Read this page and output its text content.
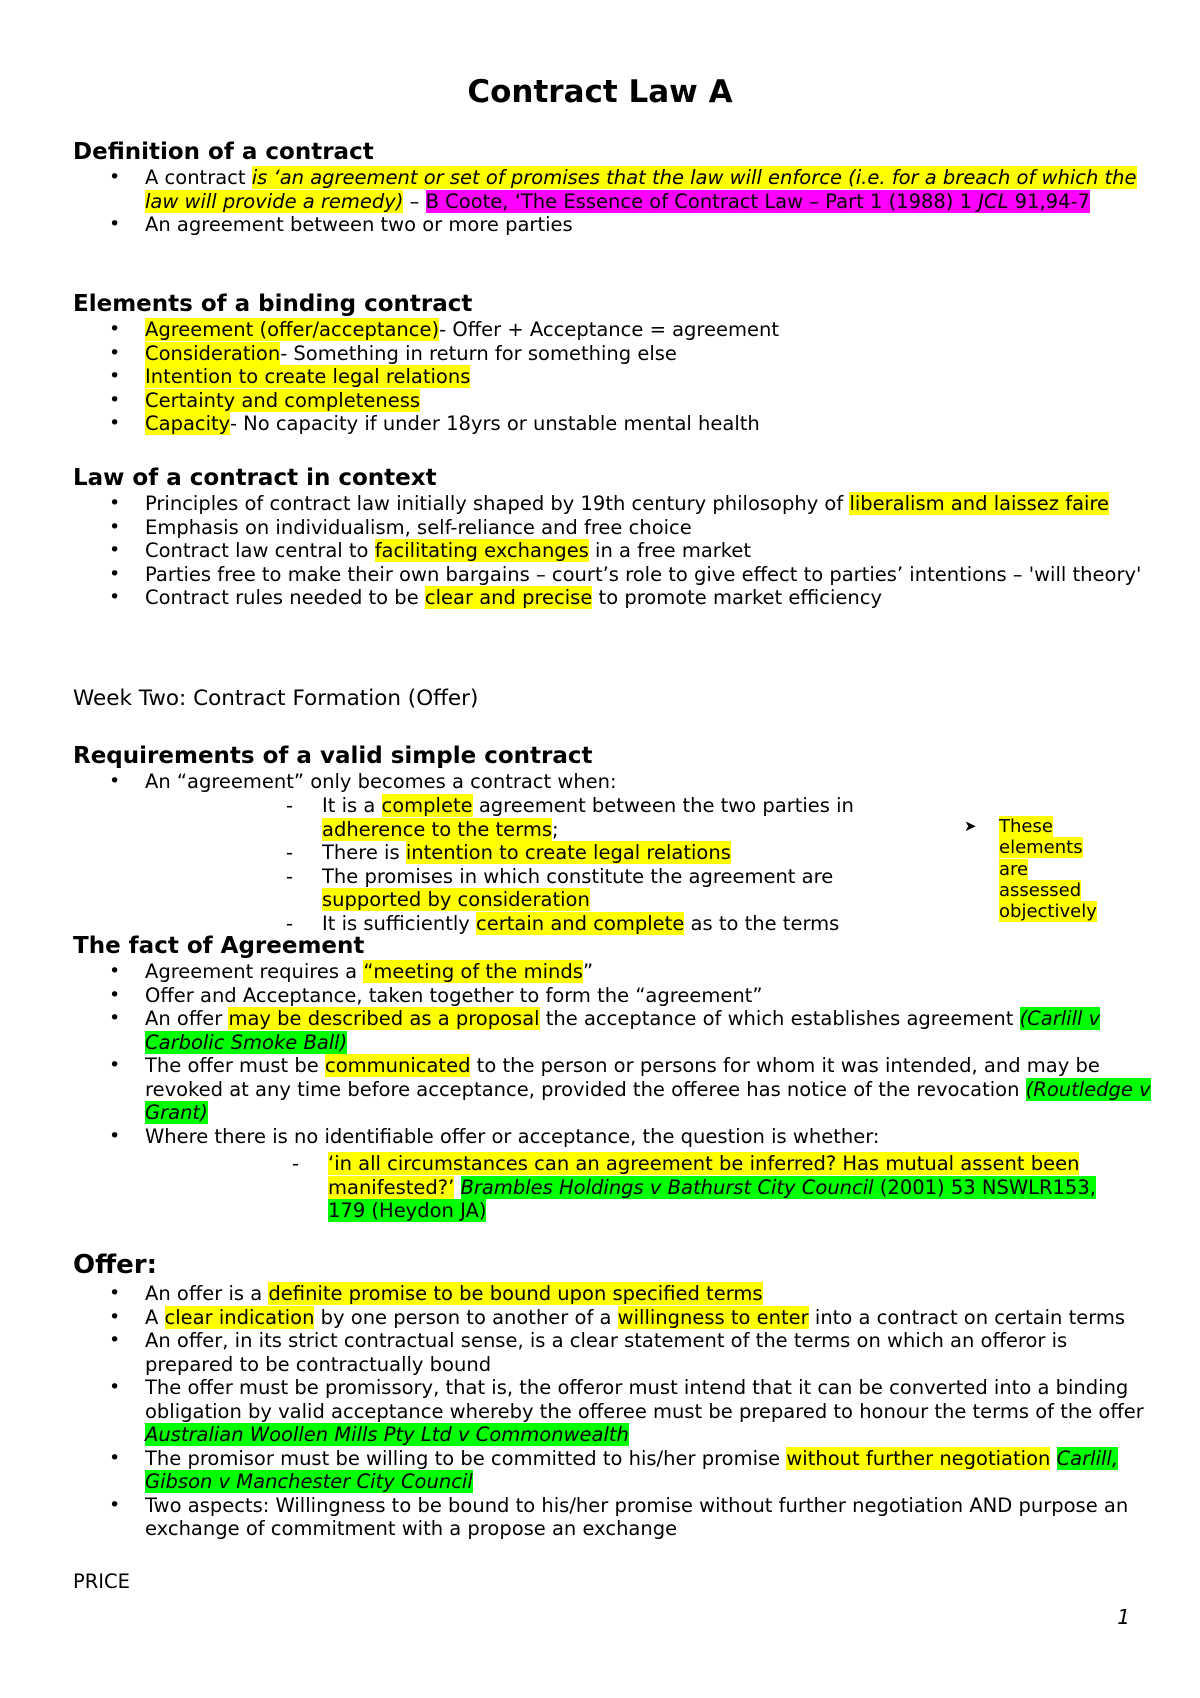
Contract Law A
Definition of a contract
• A contract is ‘an agreement or set of promises that the law will enforce (i.e. for a breach of which the law will provide a remedy) – B Coote, ‘The Essence of Contract Law – Part 1 (1988) 1 JCL 91,94-7
• An agreement between two or more parties
Elements of a binding contract
• Agreement (offer/acceptance)- Offer + Acceptance = agreement
• Consideration- Something in return for something else
• Intention to create legal relations
• Certainty and completeness
• Capacity- No capacity if under 18yrs or unstable mental health
Law of a contract in context
• Principles of contract law initially shaped by 19th century philosophy of liberalism and laissez faire
• Emphasis on individualism, self-reliance and free choice
• Contract law central to facilitating exchanges in a free market
• Parties free to make their own bargains – court’s role to give effect to parties’ intentions – 'will theory'
• Contract rules needed to be clear and precise to promote market efficiency
Week Two: Contract Formation (Offer)
Requirements of a valid simple contract
• An “agreement” only becomes a contract when:
- It is a complete agreement between the two parties in adherence to the terms;
- There is intention to create legal relations
- The promises in which constitute the agreement are supported by consideration
- It is sufficiently certain and complete as to the terms
➤ These elements are assessed objectively
The fact of Agreement
• Agreement requires a “meeting of the minds”
• Offer and Acceptance, taken together to form the “agreement”
• An offer may be described as a proposal the acceptance of which establishes agreement (Carlill v Carbolic Smoke Ball)
• The offer must be communicated to the person or persons for whom it was intended, and may be revoked at any time before acceptance, provided the offeree has notice of the revocation (Routledge v Grant)
• Where there is no identifiable offer or acceptance, the question is whether:
- ‘in all circumstances can an agreement be inferred? Has mutual assent been manifested?’ Brambles Holdings v Bathurst City Council (2001) 53 NSWLR153, 179 (Heydon JA)
Offer:
• An offer is a definite promise to be bound upon specified terms
• A clear indication by one person to another of a willingness to enter into a contract on certain terms
• An offer, in its strict contractual sense, is a clear statement of the terms on which an offeror is prepared to be contractually bound
• The offer must be promissory, that is, the offeror must intend that it can be converted into a binding obligation by valid acceptance whereby the offeree must be prepared to honour the terms of the offer Australian Woollen Mills Pty Ltd v Commonwealth
• The promisor must be willing to be committed to his/her promise without further negotiation Carlill, Gibson v Manchester City Council
• Two aspects: Willingness to be bound to his/her promise without further negotiation AND purpose an exchange of commitment with a propose an exchange
PRICE
1
